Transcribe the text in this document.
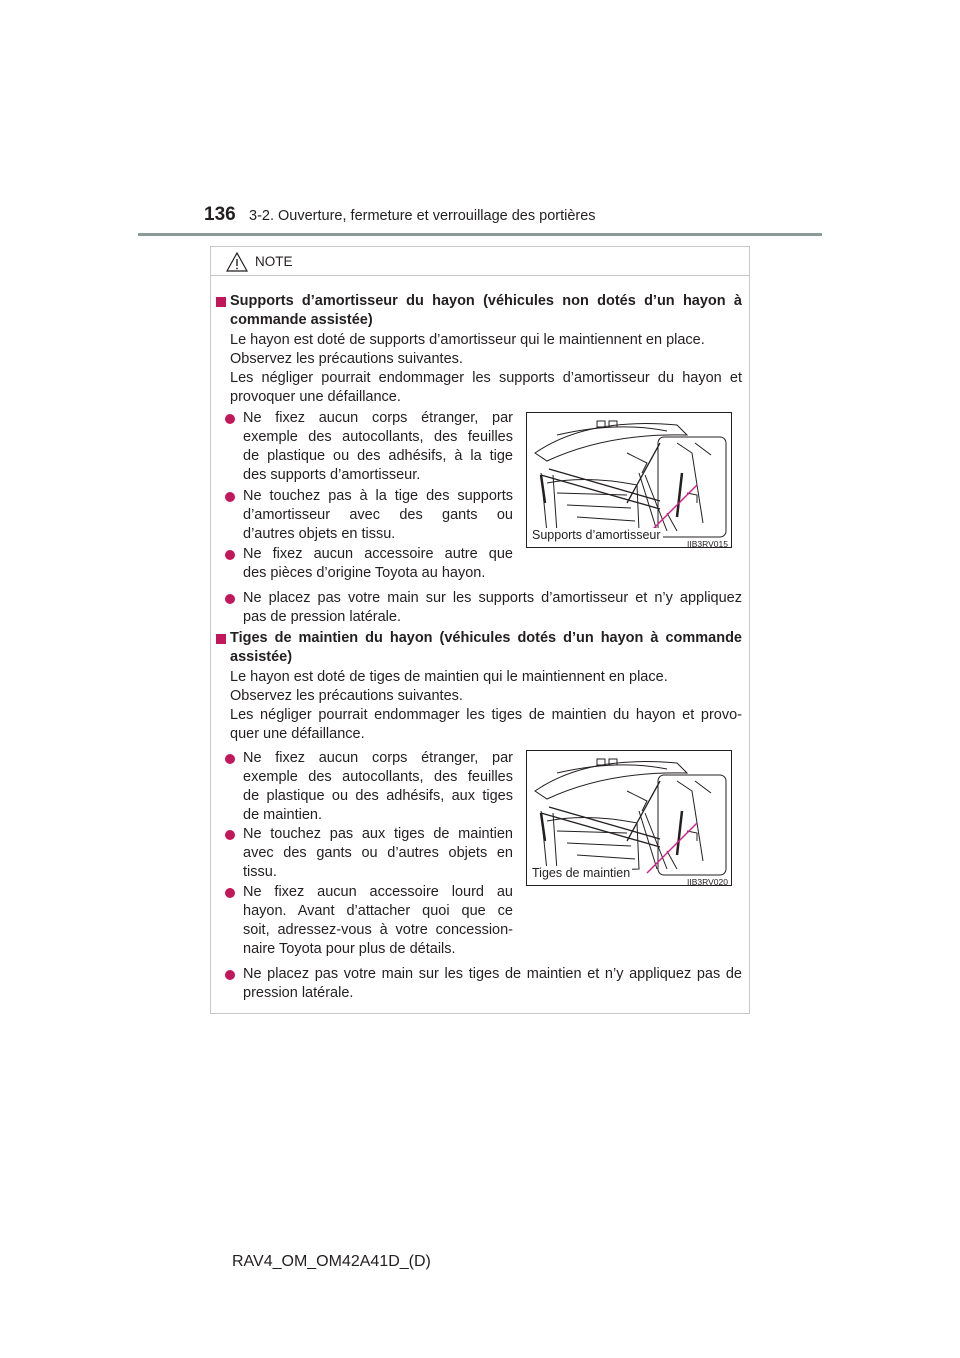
136 3-2. Ouverture, fermeture et verrouillage des portières
NOTE
Supports d’amortisseur du hayon (véhicules non dotés d’un hayon à
commande assistée)
Le hayon est doté de supports d’amortisseur qui le maintiennent en place.
Observez les précautions suivantes.
Les négliger pourrait endommager les supports d’amortisseur du hayon et
provoquer une défaillance.
Ne fixez aucun corps étranger, par
exemple des autocollants, des feuilles
de plastique ou des adhésifs, à la tige
des supports d’amortisseur.
Ne touchez pas à la tige des supports
d’amortisseur avec des gants ou
d’autres objets en tissu.
Ne fixez aucun accessoire autre que
des pièces d’origine Toyota au hayon.
Supports d’amortisseur
IIB3RV015
Ne placez pas votre main sur les supports d’amortisseur et n’y appliquez
pas de pression latérale.
Tiges de maintien du hayon (véhicules dotés d’un hayon à commande
assistée)
Le hayon est doté de tiges de maintien qui le maintiennent en place.
Observez les précautions suivantes.
Les négliger pourrait endommager les tiges de maintien du hayon et provo-
quer une défaillance.
Ne fixez aucun corps étranger, par
exemple des autocollants, des feuilles
de plastique ou des adhésifs, aux tiges
de maintien.
Ne touchez pas aux tiges de maintien
avec des gants ou d’autres objets en
tissu.
Ne fixez aucun accessoire lourd au
hayon. Avant d’attacher quoi que ce
soit, adressez-vous à votre concession-
naire Toyota pour plus de détails.
Tiges de maintien
IIB3RV020
Ne placez pas votre main sur les tiges de maintien et n’y appliquez pas de
pression latérale.
RAV4_OM_OM42A41D_(D)
